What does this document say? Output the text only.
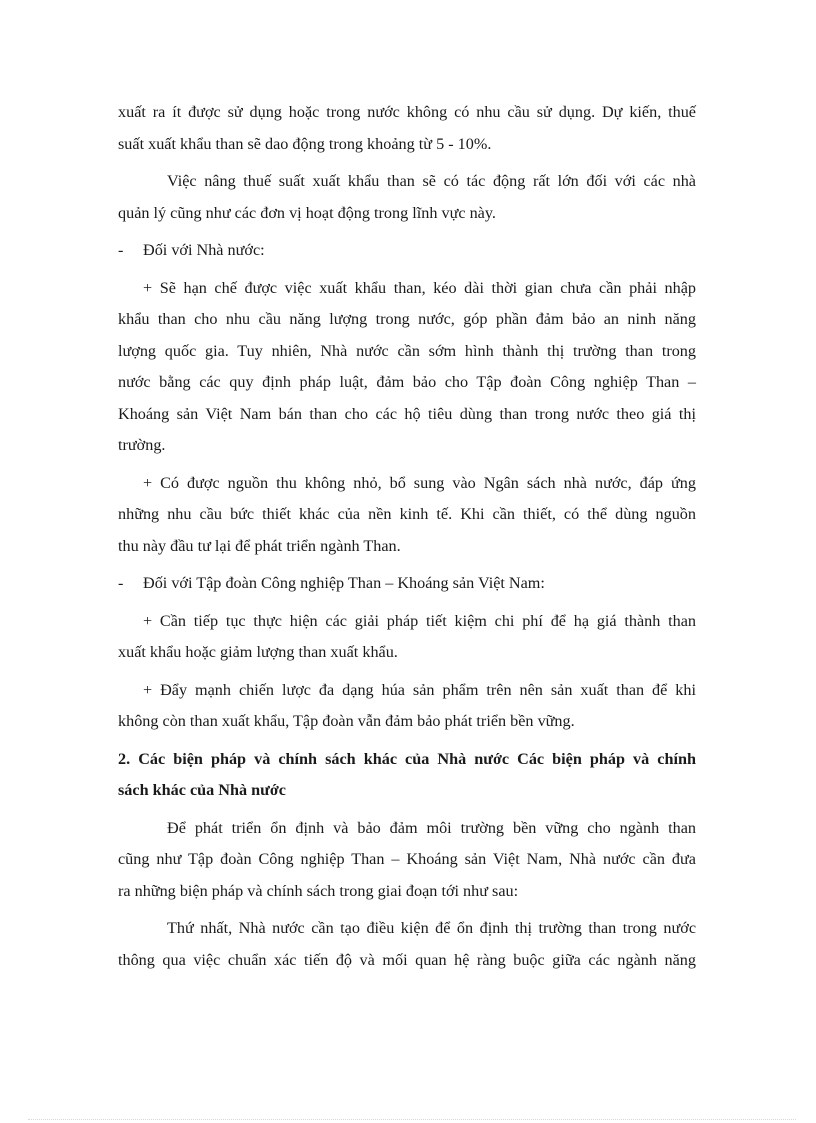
xuất ra ít được sử dụng hoặc trong nước không có nhu cầu sử dụng. Dự kiến, thuế
suất xuất khẩu than sẽ dao động trong khoảng từ 5 - 10%.
Việc nâng thuế suất xuất khẩu than sẽ có tác động rất lớn đối với các nhà
quản lý cũng như các đơn vị hoạt động trong lĩnh vực này.
- Đối với Nhà nước:
+ Sẽ hạn chế được việc xuất khẩu than, kéo dài thời gian chưa cần phải nhập
khẩu than cho nhu cầu năng lượng trong nước, góp phần đảm bảo an ninh năng
lượng quốc gia. Tuy nhiên, Nhà nước cần sớm hình thành thị trường than trong
nước bằng các quy định pháp luật, đảm bảo cho Tập đoàn Công nghiệp Than –
Khoáng sản Việt Nam bán than cho các hộ tiêu dùng than trong nước theo giá thị
trường.
+ Có được nguồn thu không nhỏ, bổ sung vào Ngân sách nhà nước, đáp ứng
những nhu cầu bức thiết khác của nền kinh tế. Khi cần thiết, có thể dùng nguồn
thu này đầu tư lại để phát triển ngành Than.
- Đối với Tập đoàn Công nghiệp Than – Khoáng sản Việt Nam:
+ Cần tiếp tục thực hiện các giải pháp tiết kiệm chi phí để hạ giá thành than
xuất khẩu hoặc giảm lượng than xuất khẩu.
+ Đẩy mạnh chiến lược đa dạng húa sản phẩm trên nên sản xuất than để khi
không còn than xuất khẩu, Tập đoàn vẫn đảm bảo phát triển bền vững.
2. Các biện pháp và chính sách khác của Nhà nước Các biện pháp và chính
sách khác của Nhà nước
Để phát triển ổn định và bảo đảm môi trường bền vững cho ngành than
cũng như Tập đoàn Công nghiệp Than – Khoáng sản Việt Nam, Nhà nước cần đưa
ra những biện pháp và chính sách trong giai đoạn tới như sau:
Thứ nhất, Nhà nước cần tạo điều kiện để ổn định thị trường than trong nước
thông qua việc chuẩn xác tiến độ và mối quan hệ ràng buộc giữa các ngành năng
